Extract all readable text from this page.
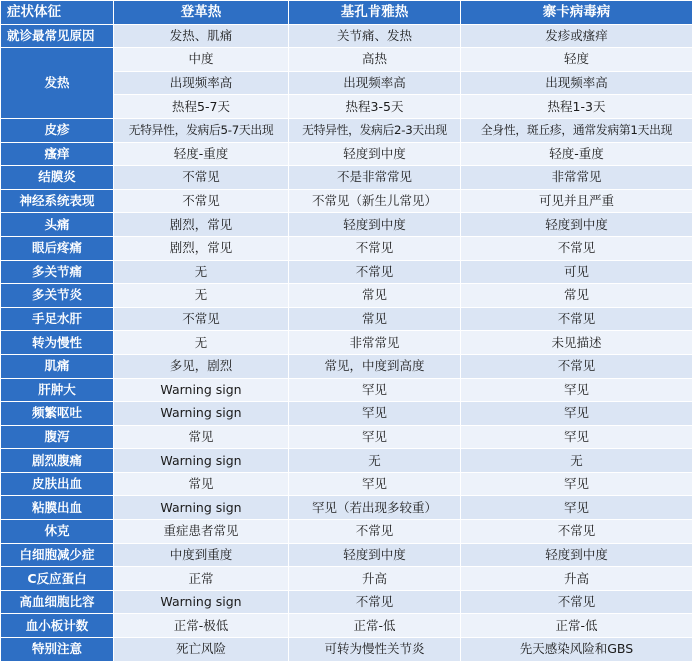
症状体征	登革热	基孔肯雅热	寨卡病毒病
就诊最常见原因	发热、肌痛	关节痛、发热	发疹或瘙痒
发热	中度	高热	轻度
	出现频率高	出现频率高	出现频率高
	热程5-7天	热程3-5天	热程1-3天
皮疹	无特异性，发病后5-7天出现	无特异性，发病后2-3天出现	全身性，斑丘疹，通常发病第1天出现
瘙痒	轻度-重度	轻度到中度	轻度-重度
结膜炎	不常见	不是非常常见	非常常见
神经系统表现	不常见	不常见（新生儿常见）	可见并且严重
头痛	剧烈，常见	轻度到中度	轻度到中度
眼后疼痛	剧烈，常见	不常见	不常见
多关节痛	无	不常见	可见
多关节炎	无	常见	常见
手足水肝	不常见	常见	不常见
转为慢性	无	非常常见	未见描述
肌痛	多见，剧烈	常见，中度到高度	不常见
肝肿大	Warning sign	罕见	罕见
频繁呕吐	Warning sign	罕见	罕见
腹泻	常见	罕见	罕见
剧烈腹痛	Warning sign	无	无
皮肤出血	常见	罕见	罕见
粘膜出血	Warning sign	罕见（若出现多较重）	罕见
休克	重症患者常见	不常见	不常见
白细胞减少症	中度到重度	轻度到中度	轻度到中度
C反应蛋白	正常	升高	升高
高血细胞比容	Warning sign	不常见	不常见
血小板计数	正常-极低	正常-低	正常-低
特别注意	死亡风险	可转为慢性关节炎	先天感染风险和GBS
